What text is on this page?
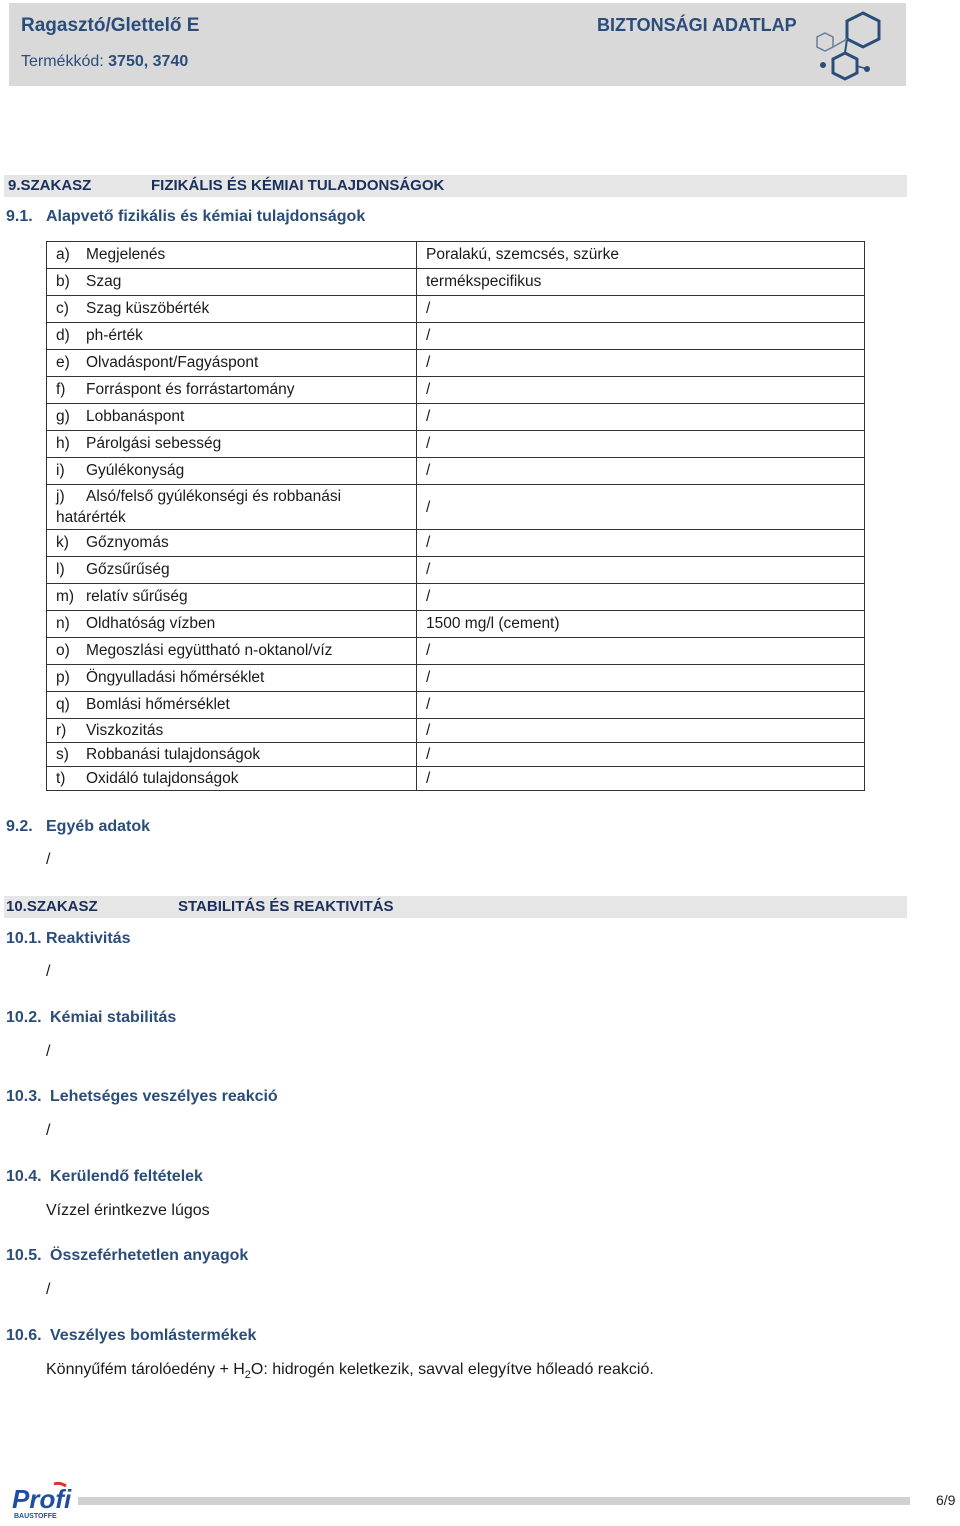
Ragasztó/Glettelő E
Termékkód: 3750, 3740
BIZTONSÁGI ADATLAP
9.SZAKASZ	FIZIKÁLIS ÉS KÉMIAI TULAJDONSÁGOK
9.1. Alapvető fizikális és kémiai tulajdonságok
a) Megjelenés	Poralakú, szemcsés, szürke
b) Szag	termékspecifikus
c) Szag küszöbérték	/
d) ph-érték	/
e) Olvadáspont/Fagyáspont	/
f) Forráspont és forrástartomány	/
g) Lobbanáspont	/
h) Párolgási sebesség	/
i) Gyúlékonyság	/
j) Alsó/felső gyúlékonségi és robbanási
határérték	/
k) Gőznyomás	/
l) Gőzsűrűség	/
m) relatív sűrűség	/
n) Oldhatóság vízben	1500 mg/l (cement)
o) Megoszlási együttható n-oktanol/víz	/
p) Öngyulladási hőmérséklet	/
q) Bomlási hőmérséklet	/
r) Viszkozitás	/
s) Robbanási tulajdonságok	/
t) Oxidáló tulajdonságok	/
9.2. Egyéb adatok
/
10.SZAKASZ	STABILITÁS ÉS REAKTIVITÁS
10.1. Reaktivitás
/
10.2. Kémiai stabilitás
/
10.3. Lehetséges veszélyes reakció
/
10.4. Kerülendő feltételek
Vízzel érintkezve lúgos
10.5. Összeférhetetlen anyagok
/
10.6. Veszélyes bomlástermékek
Könnyűfém tárolóedény + $H_2O$: hidrogén keletkezik, savval elegyítve hőleadó reakció.
Profi
BAUSTOFFE
6/9
